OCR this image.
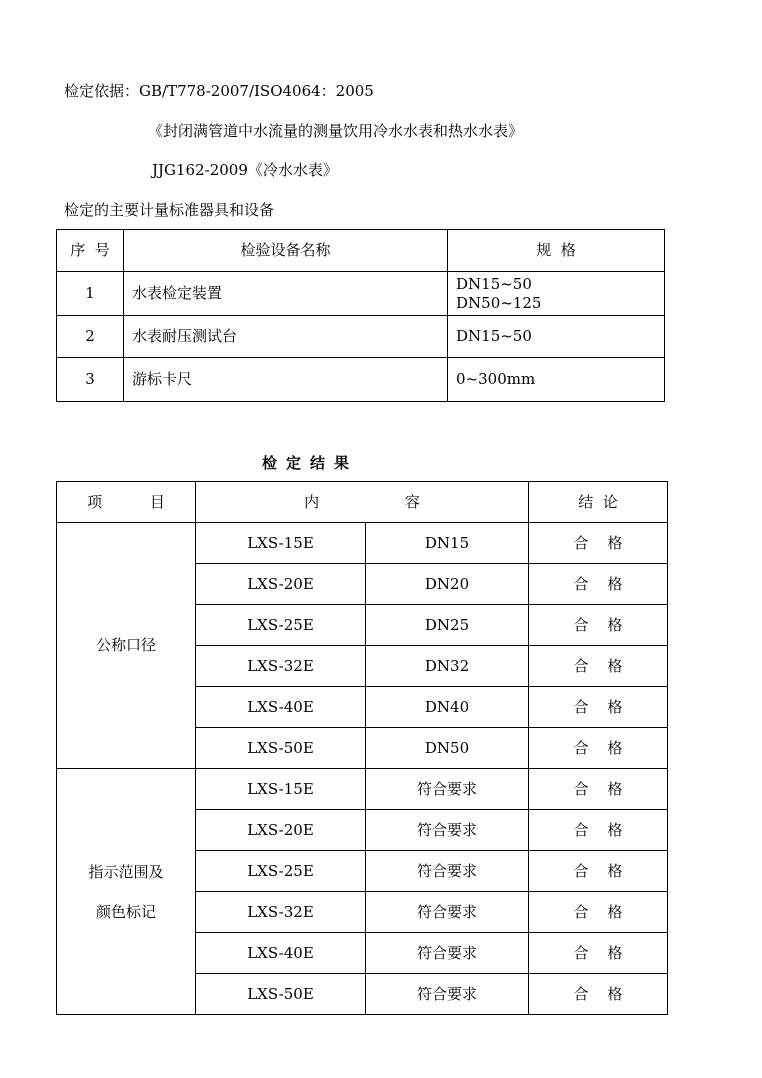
检定依据：GB/T778-2007/ISO4064：2005
《封闭满管道中水流量的测量饮用冷水水表和热水水表》
JJG162-2009《冷水水表》
检定的主要计量标准器具和设备
序  号	检验设备名称	规  格
1	水表检定装置	DN15~50
DN50~125

2	水表耐压测试台	DN15~50
3	游标卡尺	0~300mm
检定结果
项          目	内                  容		结  论
公称口径	LXS-15E	DN15	合    格
	LXS-20E	DN20	合    格
	LXS-25E	DN25	合    格
	LXS-32E	DN32	合    格
	LXS-40E	DN40	合    格
	LXS-50E	DN50	合    格

指示范围及
颜色标记	LXS-15E	符合要求	合    格
	LXS-20E	符合要求	合    格
	LXS-25E	符合要求	合    格
	LXS-32E	符合要求	合    格
	LXS-40E	符合要求	合    格
	LXS-50E	符合要求	合    格
